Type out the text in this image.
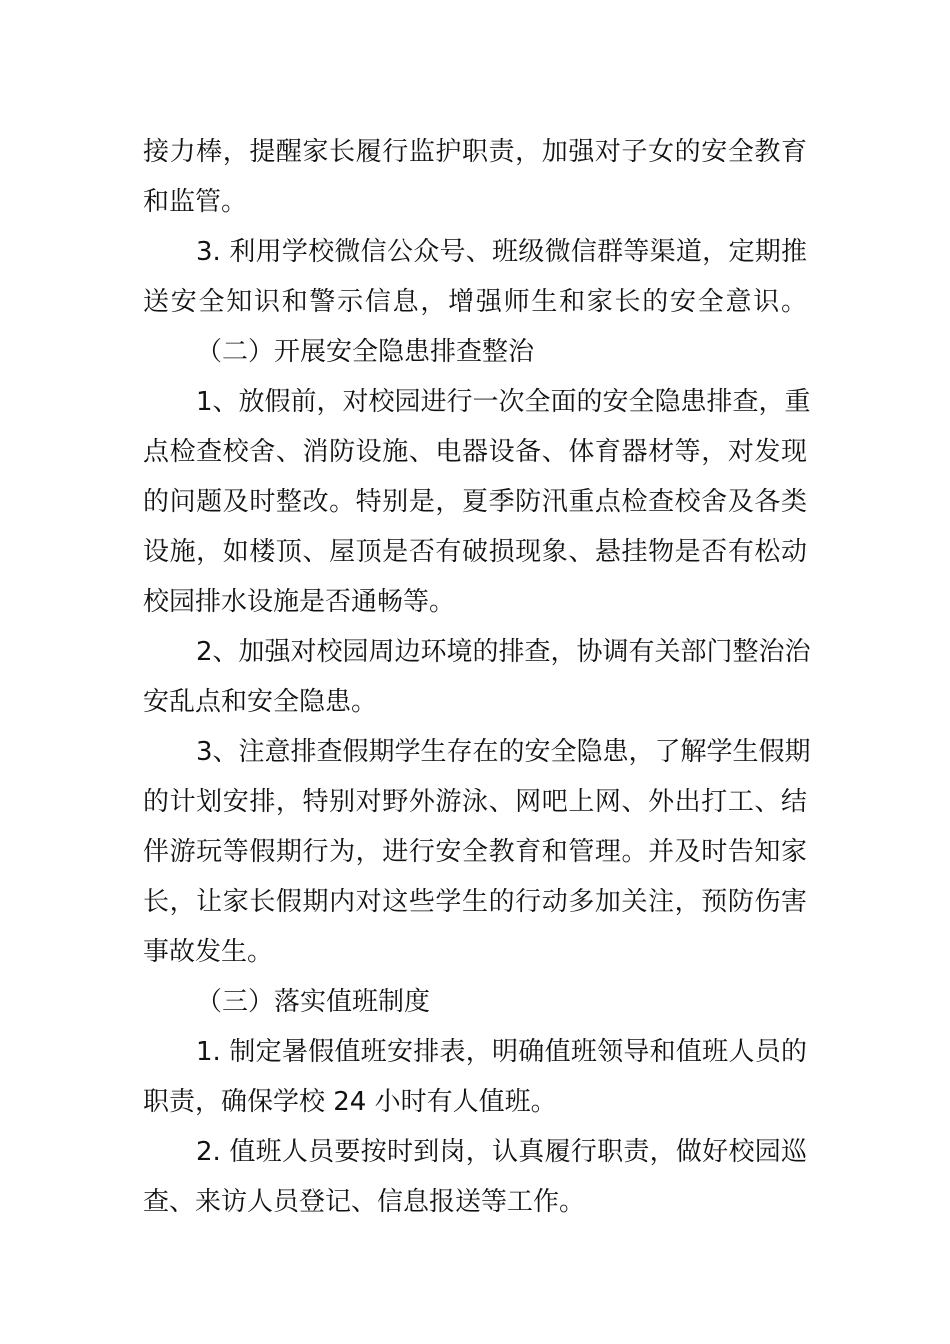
接力棒，提醒家长履行监护职责，加强对子女的安全教育
和监管。
3. 利用学校微信公众号、班级微信群等渠道，定期推
送安全知识和警示信息，增强师生和家长的安全意识。
（二）开展安全隐患排查整治
1、放假前，对校园进行一次全面的安全隐患排查，重
点检查校舍、消防设施、电器设备、体育器材等，对发现
的问题及时整改。特别是，夏季防汛重点检查校舍及各类
设施，如楼顶、屋顶是否有破损现象、悬挂物是否有松动
校园排水设施是否通畅等。
2、加强对校园周边环境的排查，协调有关部门整治治
安乱点和安全隐患。
3、注意排查假期学生存在的安全隐患，了解学生假期
的计划安排，特别对野外游泳、网吧上网、外出打工、结
伴游玩等假期行为，进行安全教育和管理。并及时告知家
长，让家长假期内对这些学生的行动多加关注，预防伤害
事故发生。
（三）落实值班制度
1. 制定暑假值班安排表，明确值班领导和值班人员的
职责，确保学校 24 小时有人值班。
2. 值班人员要按时到岗，认真履行职责，做好校园巡
查、来访人员登记、信息报送等工作。
